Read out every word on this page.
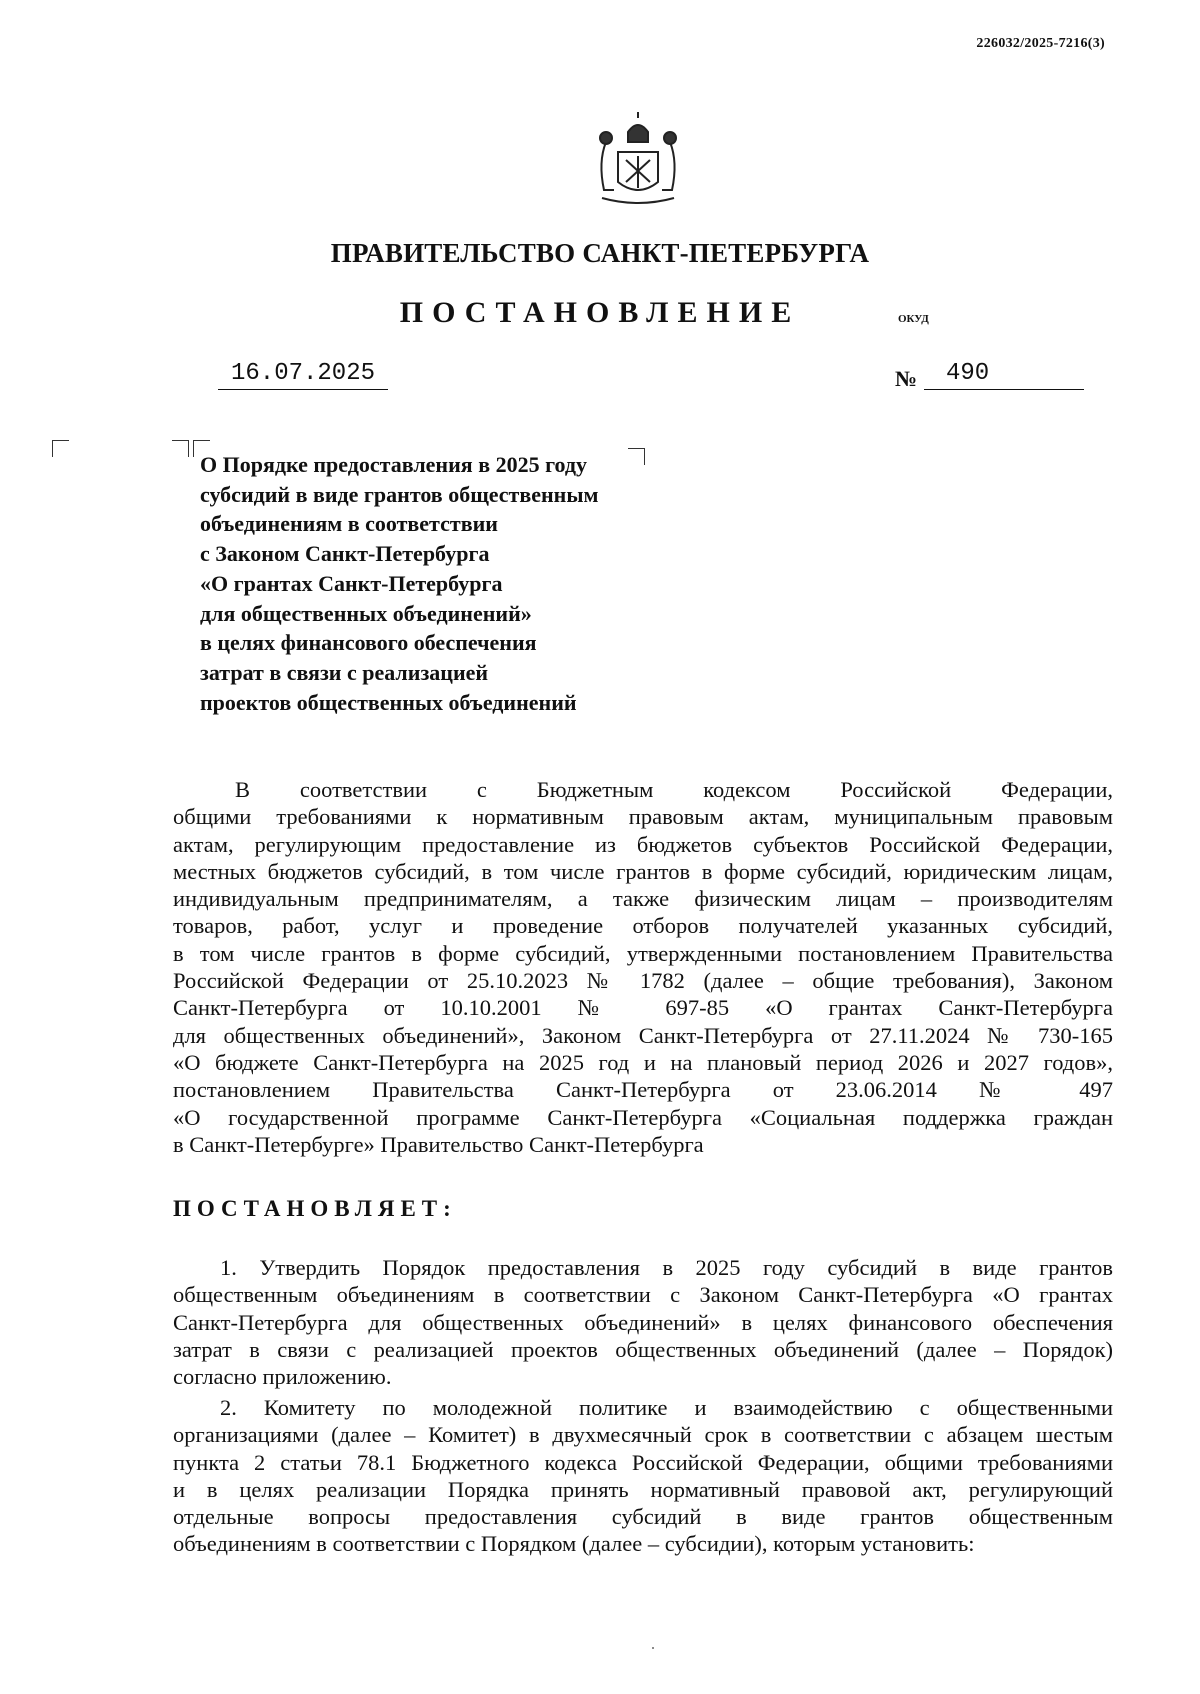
226032/2025-7216(3)
ПРАВИТЕЛЬСТВО САНКТ-ПЕТЕРБУРГА
ПОСТАНОВЛЕНИЕ	ОКУД
16.07.2025	№	490
О Порядке предоставления в 2025 году
субсидий в виде грантов общественным
объединениям в соответствии
с Законом Санкт-Петербурга
«О грантах Санкт-Петербурга
для общественных объединений»
в целях финансового обеспечения
затрат в связи с реализацией
проектов общественных объединений
В соответствии с Бюджетным кодексом Российской Федерации,
общими требованиями к нормативным правовым актам, муниципальным правовым
актам, регулирующим предоставление из бюджетов субъектов Российской Федерации,
местных бюджетов субсидий, в том числе грантов в форме субсидий, юридическим лицам,
индивидуальным предпринимателям, а также физическим лицам – производителям
товаров, работ, услуг и проведение отборов получателей указанных субсидий,
в том числе грантов в форме субсидий, утвержденными постановлением Правительства
Российской Федерации от 25.10.2023 № 1782 (далее – общие требования), Законом
Санкт-Петербурга от 10.10.2001 № 697-85 «О грантах Санкт-Петербурга
для общественных объединений», Законом Санкт-Петербурга от 27.11.2024 № 730-165
«О бюджете Санкт-Петербурга на 2025 год и на плановый период 2026 и 2027 годов»,
постановлением Правительства Санкт-Петербурга от 23.06.2014 № 497
«О государственной программе Санкт-Петербурга «Социальная поддержка граждан
в Санкт-Петербурге» Правительство Санкт-Петербурга
ПОСТАНОВЛЯЕТ:
1. Утвердить Порядок предоставления в 2025 году субсидий в виде грантов
общественным объединениям в соответствии с Законом Санкт-Петербурга «О грантах
Санкт-Петербурга для общественных объединений» в целях финансового обеспечения
затрат в связи с реализацией проектов общественных объединений (далее – Порядок)
согласно приложению.
2. Комитету по молодежной политике и взаимодействию с общественными
организациями (далее – Комитет) в двухмесячный срок в соответствии с абзацем шестым
пункта 2 статьи 78.1 Бюджетного кодекса Российской Федерации, общими требованиями
и в целях реализации Порядка принять нормативный правовой акт, регулирующий
отдельные вопросы предоставления субсидий в виде грантов общественным
объединениям в соответствии с Порядком (далее – субсидии), которым установить:
